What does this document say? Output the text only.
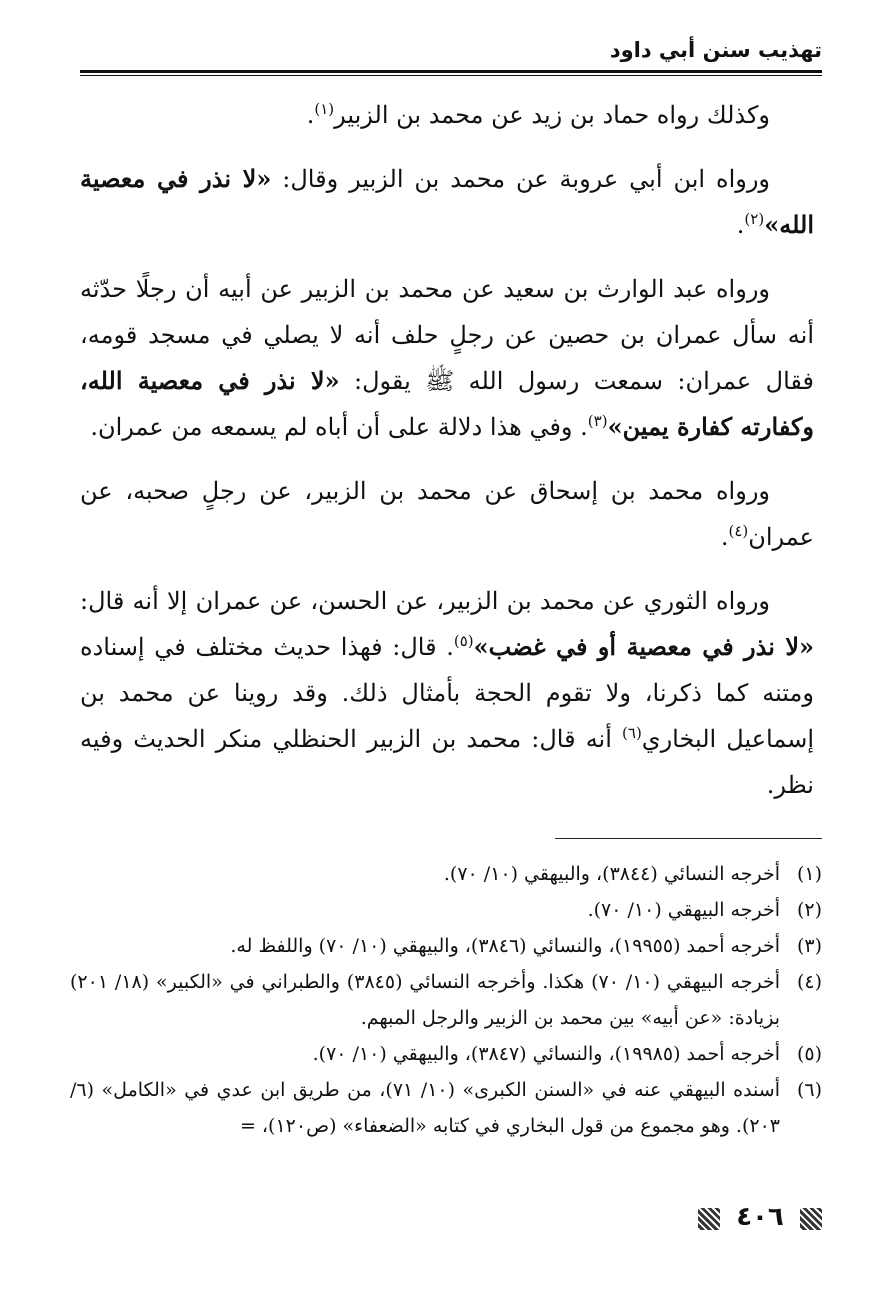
تهذيب سنن أبي داود

وكذلك رواه حماد بن زيد عن محمد بن الزبير$^{(١)}$.

ورواه ابن أبي عروبة عن محمد بن الزبير وقال: «لا نذر في معصية الله»$^{(٢)}$.

ورواه عبد الوارث بن سعيد عن محمد بن الزبير عن أبيه أن رجلًا حدّثه أنه سأل عمران بن حصين عن رجلٍ حلف أنه لا يصلي في مسجد قومه، فقال عمران: سمعت رسول الله ﷺ يقول: «لا نذر في معصية الله، وكفارته كفارة يمين»$^{(٣)}$. وفي هذا دلالة على أن أباه لم يسمعه من عمران.

ورواه محمد بن إسحاق عن محمد بن الزبير، عن رجلٍ صحبه، عن عمران$^{(٤)}$.

ورواه الثوري عن محمد بن الزبير، عن الحسن، عن عمران إلا أنه قال: «لا نذر في معصية أو في غضب»$^{(٥)}$. قال: فهذا حديث مختلف في إسناده ومتنه كما ذكرنا، ولا تقوم الحجة بأمثال ذلك. وقد روينا عن محمد بن إسماعيل البخاري$^{(٦)}$ أنه قال: محمد بن الزبير الحنظلي منكر الحديث وفيه نظر.

(١)
أخرجه النسائي (٣٨٤٤)، والبيهقي (١٠/ ٧٠).
(٢)
أخرجه البيهقي (١٠/ ٧٠).
(٣)
أخرجه أحمد (١٩٩٥٥)، والنسائي (٣٨٤٦)، والبيهقي (١٠/ ٧٠) واللفظ له.
(٤)
أخرجه البيهقي (١٠/ ٧٠) هكذا. وأخرجه النسائي (٣٨٤٥) والطبراني في «الكبير» (١٨/ ٢٠١) بزيادة: «عن أبيه» بين محمد بن الزبير والرجل المبهم.
(٥)
أخرجه أحمد (١٩٩٨٥)، والنسائي (٣٨٤٧)، والبيهقي (١٠/ ٧٠).
(٦)
أسنده البيهقي عنه في «السنن الكبرى» (١٠/ ٧١)، من طريق ابن عدي في «الكامل» (٦/ ٢٠٣). وهو مجموع من قول البخاري في كتابه «الضعفاء» (ص١٢٠)، =
٤٠٦
